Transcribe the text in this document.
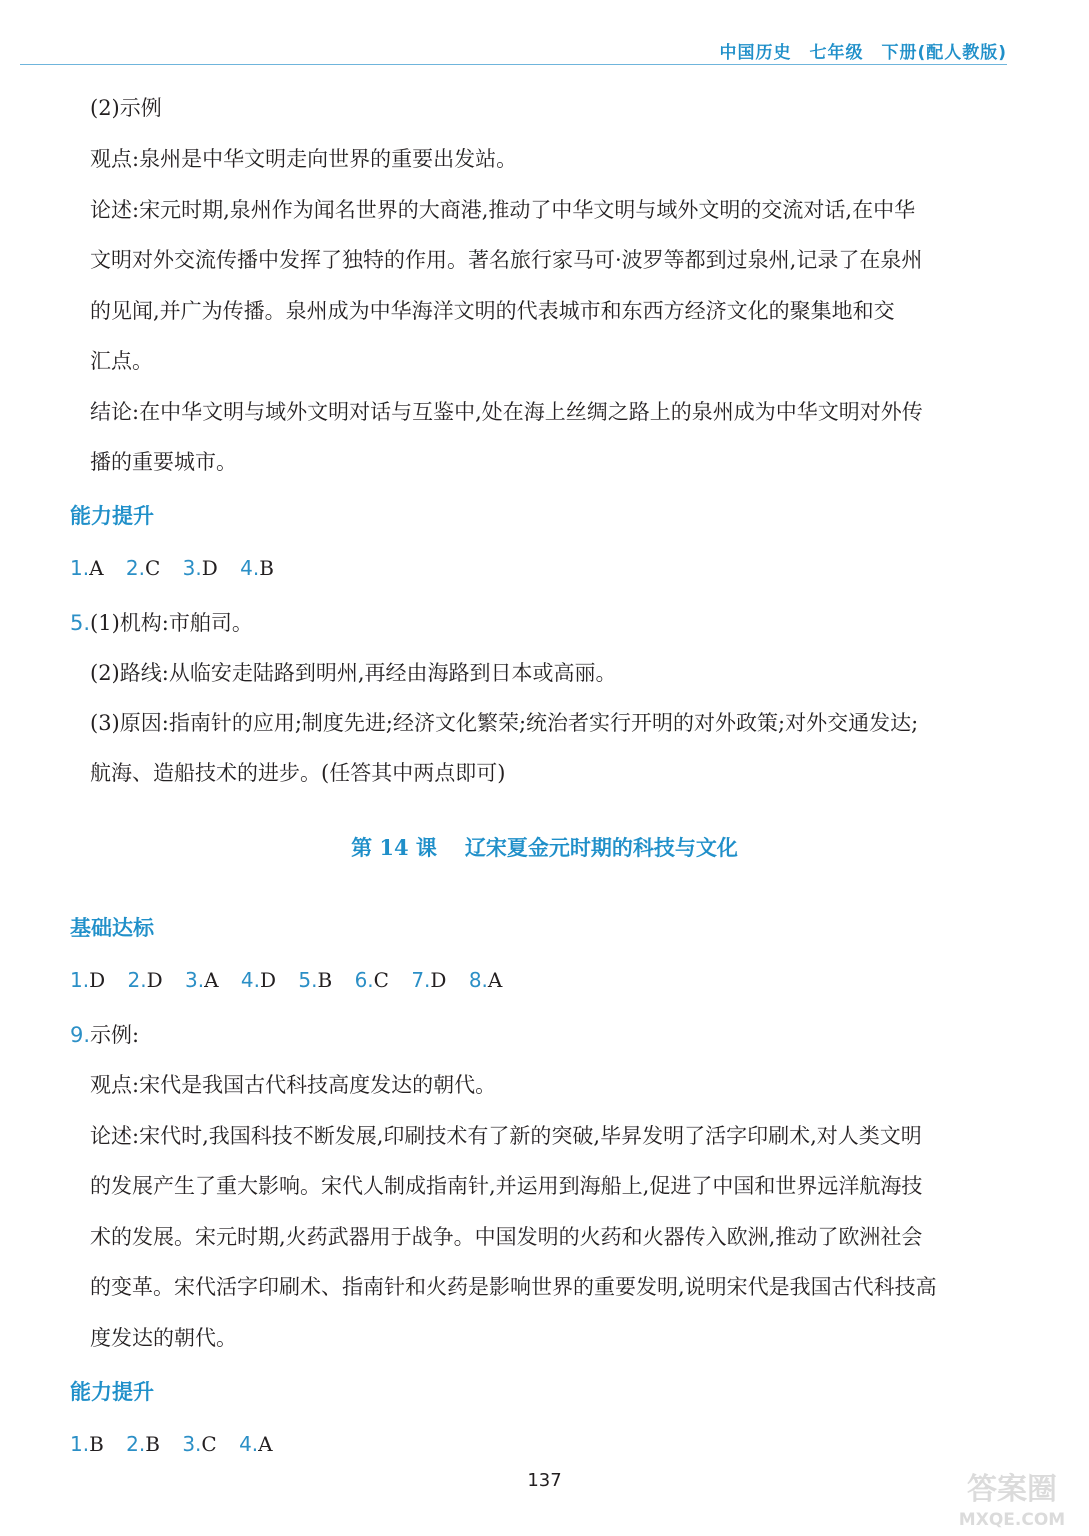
中国历史 七年级 下册(配人教版)
(2)示例
观点:泉州是中华文明走向世界的重要出发站。
论述:宋元时期,泉州作为闻名世界的大商港,推动了中华文明与域外文明的交流对话,在中华
文明对外交流传播中发挥了独特的作用。著名旅行家马可·波罗等都到过泉州,记录了在泉州
的见闻,并广为传播。泉州成为中华海洋文明的代表城市和东西方经济文化的聚集地和交
汇点。
结论:在中华文明与域外文明对话与互鉴中,处在海上丝绸之路上的泉州成为中华文明对外传
播的重要城市。
能力提升
1.A 2.C 3.D 4.B
5.(1)机构:市舶司。
(2)路线:从临安走陆路到明州,再经由海路到日本或高丽。
(3)原因:指南针的应用;制度先进;经济文化繁荣;统治者实行开明的对外政策;对外交通发达;
航海、造船技术的进步。(任答其中两点即可)
第 14 课 辽宋夏金元时期的科技与文化
基础达标
1.D 2.D 3.A 4.D 5.B 6.C 7.D 8.A
9.示例:
观点:宋代是我国古代科技高度发达的朝代。
论述:宋代时,我国科技不断发展,印刷技术有了新的突破,毕昇发明了活字印刷术,对人类文明
的发展产生了重大影响。宋代人制成指南针,并运用到海船上,促进了中国和世界远洋航海技
术的发展。宋元时期,火药武器用于战争。中国发明的火药和火器传入欧洲,推动了欧洲社会
的变革。宋代活字印刷术、指南针和火药是影响世界的重要发明,说明宋代是我国古代科技高
度发达的朝代。
能力提升
1.B 2.B 3.C 4.A
137	答案圈
MXQE.COM
